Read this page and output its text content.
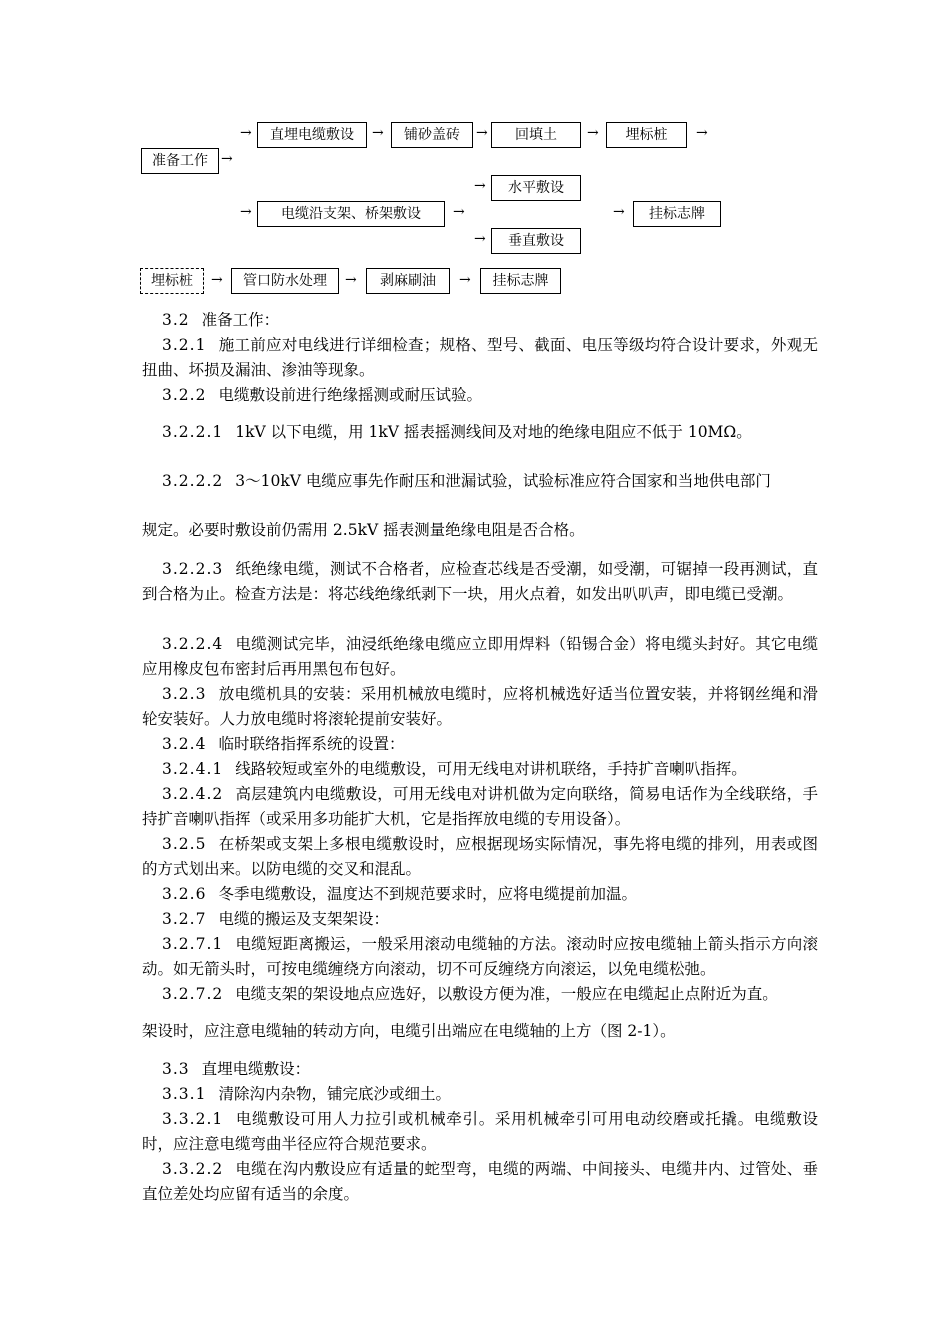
准备工作 →
→	直埋电缆敷设	→	铺砂盖砖	→	回填土	→	埋标桩	→
→	电缆沿支架、桥架敷设	→
→	水平敷设
→	垂直敷设
→	挂标志牌
埋标桩	→	管口防水处理	→	剥麻刷油	→	挂标志牌

3.2 准备工作：

3.2.1 施工前应对电线进行详细检查；规格、型号、截面、电压等级均符合设计要求，外观无扭曲、坏损及漏油、渗油等现象。

3.2.2 电缆敷设前进行绝缘摇测或耐压试验。

3.2.2.1 1kV 以下电缆，用 1kV 摇表摇测线间及对地的绝缘电阻应不低于 10MΩ。

3.2.2.2 3～10kV 电缆应事先作耐压和泄漏试验，试验标准应符合国家和当地供电部门

规定。必要时敷设前仍需用 2.5kV 摇表测量绝缘电阻是否合格。

3.2.2.3 纸绝缘电缆，测试不合格者，应检查芯线是否受潮，如受潮，可锯掉一段再测试，直到合格为止。检查方法是：将芯线绝缘纸剥下一块，用火点着，如发出叭叭声，即电缆已受潮。

3.2.2.4 电缆测试完毕，油浸纸绝缘电缆应立即用焊料（铅锡合金）将电缆头封好。其它电缆应用橡皮包布密封后再用黑包布包好。

3.2.3 放电缆机具的安装：采用机械放电缆时，应将机械选好适当位置安装，并将钢丝绳和滑轮安装好。人力放电缆时将滚轮提前安装好。

3.2.4 临时联络指挥系统的设置：

3.2.4.1 线路较短或室外的电缆敷设，可用无线电对讲机联络，手持扩音喇叭指挥。

3.2.4.2 高层建筑内电缆敷设，可用无线电对讲机做为定向联络，简易电话作为全线联络，手持扩音喇叭指挥（或采用多功能扩大机，它是指挥放电缆的专用设备）。

3.2.5 在桥架或支架上多根电缆敷设时，应根据现场实际情况，事先将电缆的排列，用表或图的方式划出来。以防电缆的交叉和混乱。

3.2.6 冬季电缆敷设，温度达不到规范要求时，应将电缆提前加温。

3.2.7 电缆的搬运及支架架设：

3.2.7.1 电缆短距离搬运，一般采用滚动电缆轴的方法。滚动时应按电缆轴上箭头指示方向滚动。如无箭头时，可按电缆缠绕方向滚动，切不可反缠绕方向滚运，以免电缆松弛。

3.2.7.2 电缆支架的架设地点应选好，以敷设方便为准，一般应在电缆起止点附近为直。

架设时，应注意电缆轴的转动方向，电缆引出端应在电缆轴的上方（图 2-1）。

3.3 直埋电缆敷设：

3.3.1 清除沟内杂物，铺完底沙或细土。

3.3.2.1 电缆敷设可用人力拉引或机械牵引。采用机械牵引可用电动绞磨或托撬。电缆敷设时，应注意电缆弯曲半径应符合规范要求。

3.3.2.2 电缆在沟内敷设应有适量的蛇型弯，电缆的两端、中间接头、电缆井内、过管处、垂直位差处均应留有适当的余度。
